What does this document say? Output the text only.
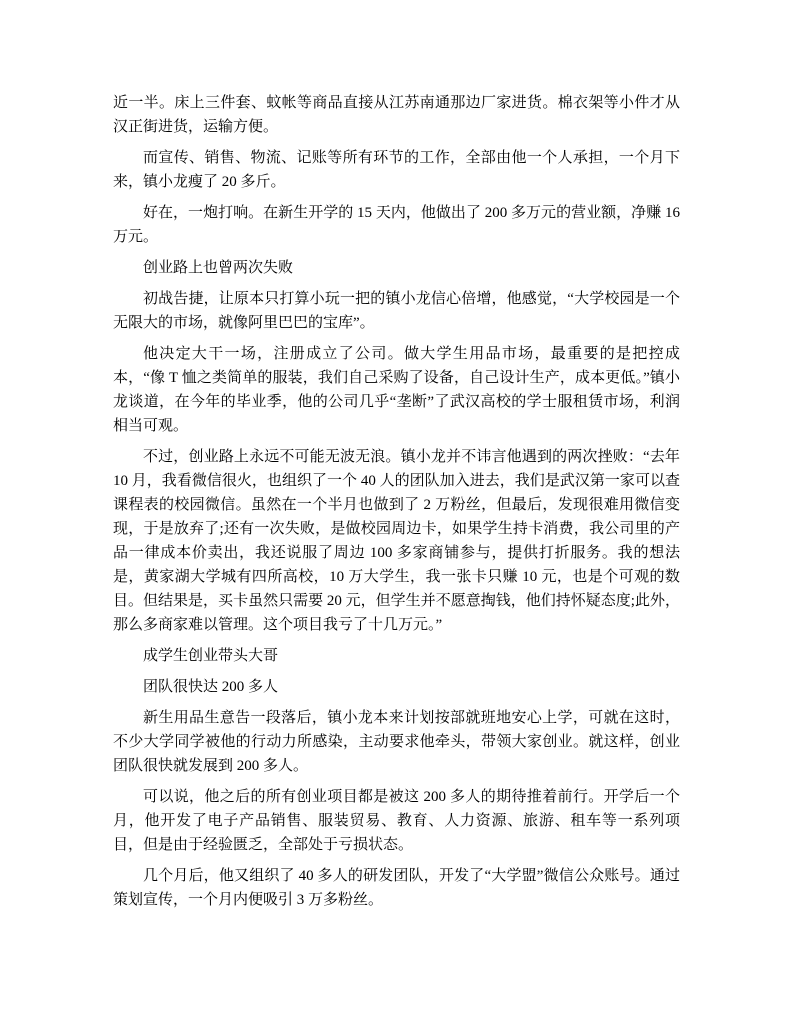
近一半。床上三件套、蚊帐等商品直接从江苏南通那边厂家进货。棉衣架等小件才从汉正街进货，运输方便。

而宣传、销售、物流、记账等所有环节的工作，全部由他一个人承担，一个月下来，镇小龙瘦了 20 多斤。

好在，一炮打响。在新生开学的 15 天内，他做出了 200 多万元的营业额，净赚 16 万元。

创业路上也曾两次失败

初战告捷，让原本只打算小玩一把的镇小龙信心倍增，他感觉，“大学校园是一个无限大的市场，就像阿里巴巴的宝库”。

他决定大干一场，注册成立了公司。做大学生用品市场，最重要的是把控成本，“像 T 恤之类简单的服装，我们自己采购了设备，自己设计生产，成本更低。”镇小龙谈道，在今年的毕业季，他的公司几乎“垄断”了武汉高校的学士服租赁市场，利润相当可观。

不过，创业路上永远不可能无波无浪。镇小龙并不讳言他遇到的两次挫败：“去年 10 月，我看微信很火，也组织了一个 40 人的团队加入进去，我们是武汉第一家可以查课程表的校园微信。虽然在一个半月也做到了 2 万粉丝，但最后，发现很难用微信变现，于是放弃了;还有一次失败，是做校园周边卡，如果学生持卡消费，我公司里的产品一律成本价卖出，我还说服了周边 100 多家商铺参与，提供打折服务。我的想法是，黄家湖大学城有四所高校，10 万大学生，我一张卡只赚 10 元，也是个可观的数目。但结果是，买卡虽然只需要 20 元，但学生并不愿意掏钱，他们持怀疑态度;此外，那么多商家难以管理。这个项目我亏了十几万元。”

成学生创业带头大哥

团队很快达 200 多人

新生用品生意告一段落后，镇小龙本来计划按部就班地安心上学，可就在这时，不少大学同学被他的行动力所感染，主动要求他牵头，带领大家创业。就这样，创业团队很快就发展到 200 多人。

可以说，他之后的所有创业项目都是被这 200 多人的期待推着前行。开学后一个月，他开发了电子产品销售、服装贸易、教育、人力资源、旅游、租车等一系列项目，但是由于经验匮乏，全部处于亏损状态。

几个月后，他又组织了 40 多人的研发团队，开发了“大学盟”微信公众账号。通过策划宣传，一个月内便吸引 3 万多粉丝。
